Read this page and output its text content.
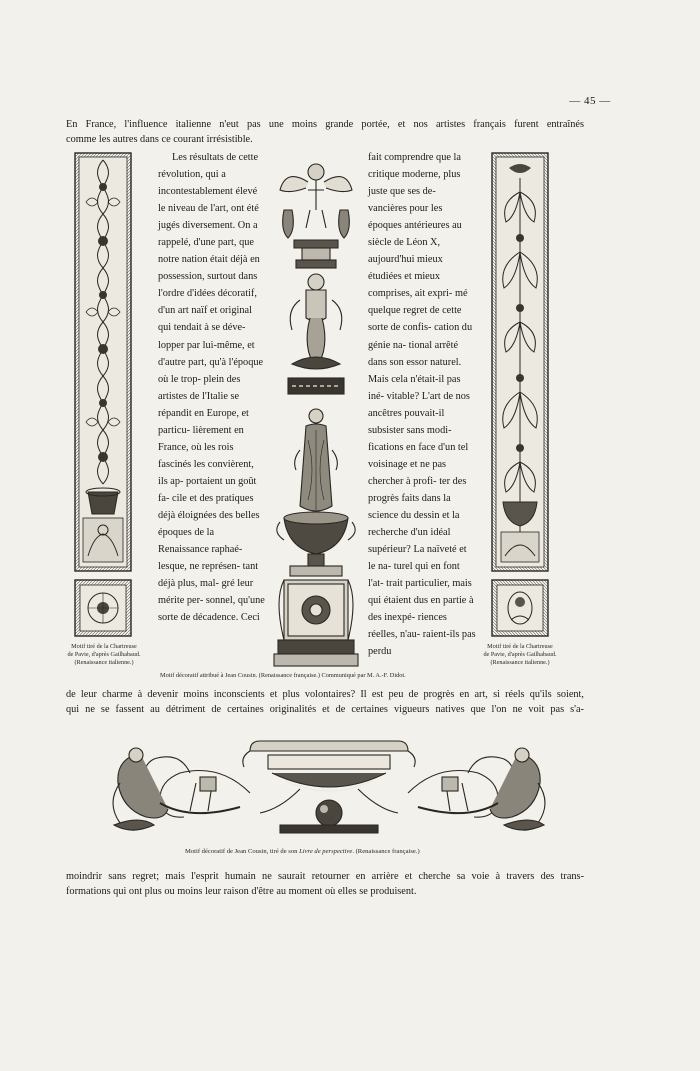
— 45 —
En France, l'influence italienne n'eut pas une moins grande portée, et nos artistes français furent entraînés
comme les autres dans ce courant irrésistible.
Motif tiré de la Chartreuse
de Pavie, d'après Gailhabaud.
(Renaissance italienne.)
Les résultats de cette révolution, qui a incontestablement élevé le niveau de l'art, ont été jugés diversement. On a rappelé, d'une part, que notre nation était déjà en possession, surtout dans l'ordre d'idées décoratif, d'un art naïf et original qui tendait à se déve- lopper par lui-même, et d'autre part, qu'à l'époque où le trop- plein des artistes de l'Italie se répandit en Europe, et particu- lièrement en France, où les rois fascinés les convièrent, ils ap- portaient un goût fa- cile et des pratiques déjà éloignées des belles époques de la Renaissance raphaé- lesque, ne représen- tant déjà plus, mal- gré leur mérite per- sonnel, qu'une sorte de décadence. Ceci
Motif décoratif attribué à Jean Cousin. (Renaissance française.) Communiqué par M. A.-F. Didot.
fait comprendre que la critique moderne, plus juste que ses de- vancières pour les époques antérieures au siècle de Léon X, aujourd'hui mieux étudiées et mieux comprises, ait expri- mé quelque regret de cette sorte de confis- cation du génie na- tional arrêté dans son essor naturel. Mais cela n'était-il pas iné- vitable? L'art de nos ancêtres pouvait-il subsister sans modi- fications en face d'un tel voisinage et ne pas chercher à profi- ter des progrès faits dans la science du dessin et la recherche d'un idéal supérieur? La naïveté et le na- turel qui en font l'at- trait particulier, mais qui étaient dus en partie à des inexpé- riences réelles, n'au- raient-ils pas perdu	Motif tiré de la Chartreuse
de Pavie, d'après Gailhabaud.
(Renaissance italienne.)
de leur charme à devenir moins inconscients et plus volontaires? Il est peu de progrès en art, si réels qu'ils soient,
qui ne se fassent au détriment de certaines originalités et de certaines vigueurs natives que l'on ne voit pas s'a-
Motif décoratif de Jean Cousin, tiré de son Livre de perspective. (Renaissance française.)
moindrir sans regret; mais l'esprit humain ne saurait retourner en arrière et cherche sa voie à travers des trans-
formations qui ont plus ou moins leur raison d'être au moment où elles se produisent.
